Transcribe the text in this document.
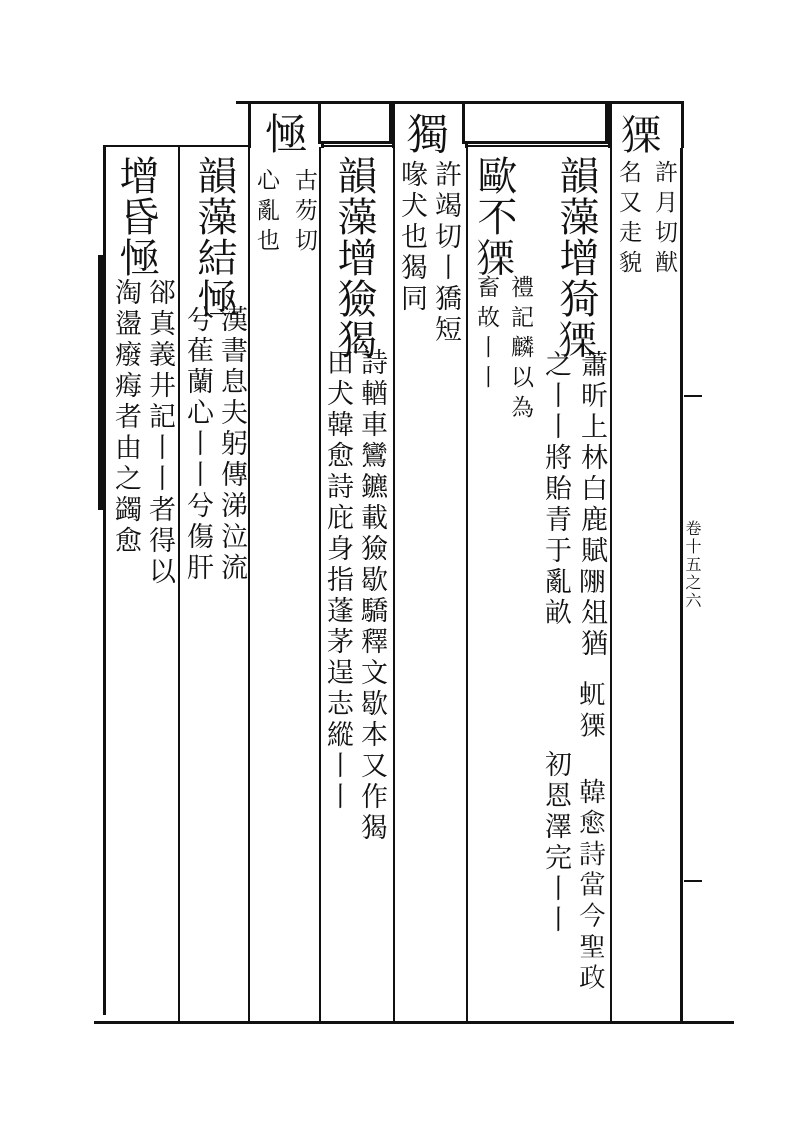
卷十五之六
𤠫
許月切猷
名又走貌
韻藻增猗𤠫
蕭昕上林白鹿賦𨹹俎猶
之丨丨將貽青于亂畝
𧈭𤠫 韓愈詩當今聖政
初恩澤完丨丨
歐不𤠫
禮記麟以為
畜故丨丨
獨
許竭切丨獢短
喙犬也猲同
韻藻增獫猲
詩輶車鸞鑣載獫歇驕釋文歇本又作猲
田犬韓愈詩庇身指蓬茅逞志縱丨丨
㥛
古芴切
心亂也
韻藻結㥛
漢書息夫躬傳涕泣流
兮萑蘭心丨丨兮傷肝
增昏㥛
郤真義井記丨丨者得以
淘盪癈痗者由之蠲愈
